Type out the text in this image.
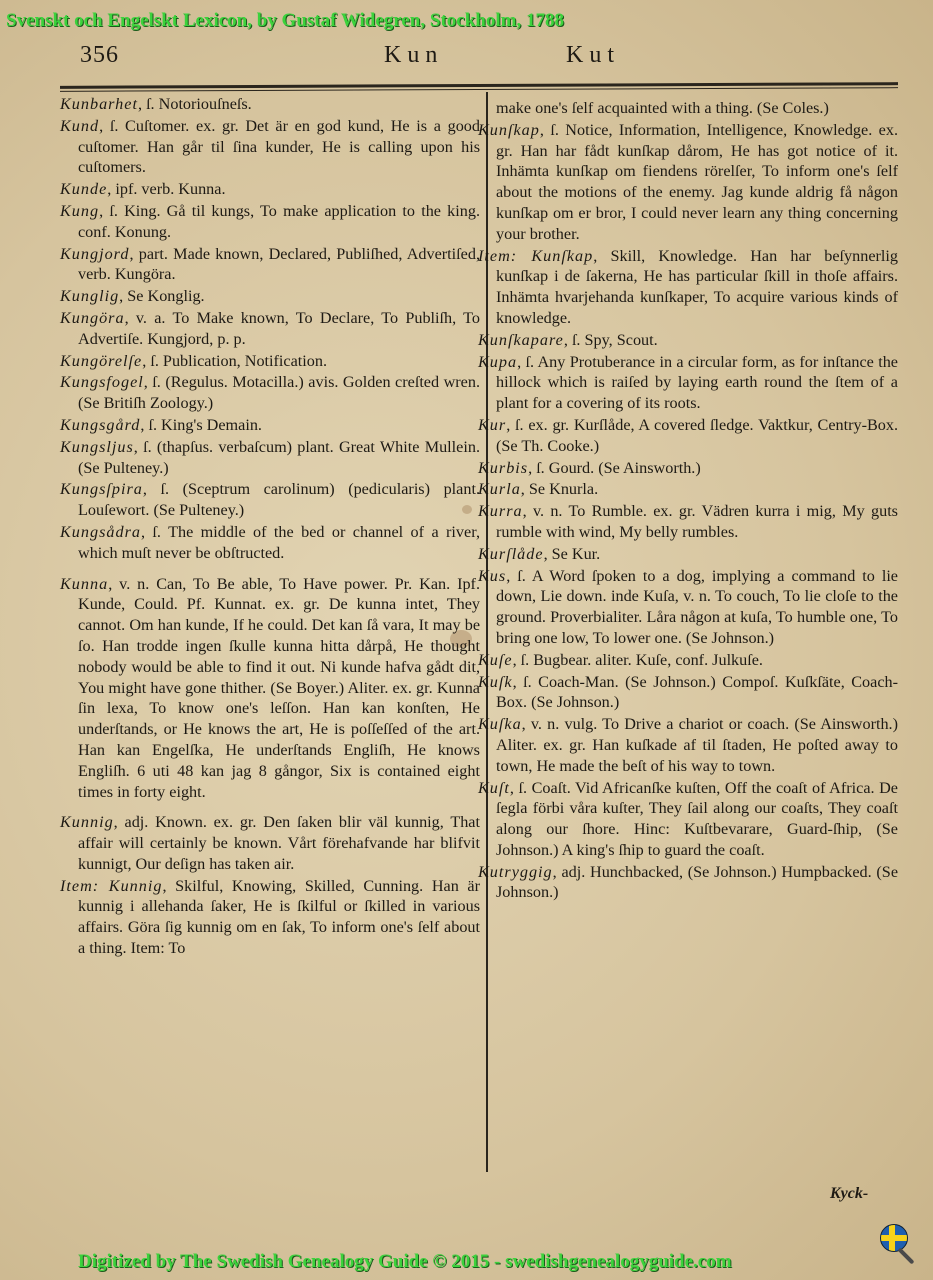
Svenskt och Engelskt Lexicon, by Gustaf Widegren, Stockholm, 1788
356	Kun	Kut

Kunbarhet, ſ. Notoriouſneſs.

Kund, ſ. Cuſtomer. ex. gr. Det är en god kund, He is a good cuſtomer. Han går til ſina kunder, He is calling upon his cuſtomers.

Kunde, ipf. verb. Kunna.

Kung, ſ. King. Gå til kungs, To make application to the king. conf. Konung.

Kungjord, part. Made known, Declared, Publiſhed, Advertiſed, verb. Kungöra.

Kunglig, Se Konglig.

Kungöra, v. a. To Make known, To Declare, To Publiſh, To Advertiſe. Kungjord, p. p.

Kungörelſe, ſ. Publication, Notification.

Kungsfogel, ſ. (Regulus. Motacilla.) avis. Golden creſted wren. (Se Britiſh Zoology.)

Kungsgård, ſ. King's Demain.

Kungsljus, ſ. (thapſus. verbaſcum) plant. Great White Mullein. (Se Pulteney.)

Kungsſpira, ſ. (Sceptrum carolinum) (pedicularis) plant. Louſewort. (Se Pulteney.)

Kungsådra, ſ. The middle of the bed or channel of a river, which muſt never be obſtructed.

Kunna, v. n. Can, To Be able, To Have power. Pr. Kan. Ipf. Kunde, Could. Pf. Kunnat. ex. gr. De kunna intet, They cannot. Om han kunde, If he could. Det kan ſå vara, It may be ſo. Han trodde ingen ſkulle kunna hitta dårpå, He thought nobody would be able to find it out. Ni kunde hafva gådt dit, You might have gone thither. (Se Boyer.) Aliter. ex. gr. Kunna ſin lexa, To know one's leſſon. Han kan konſten, He underſtands, or He knows the art, He is poſſeſſed of the art. Han kan Engelſka, He underſtands Engliſh, He knows Engliſh. 6 uti 48 kan jag 8 gångor, Six is contained eight times in forty eight.

Kunnig, adj. Known. ex. gr. Den ſaken blir väl kunnig, That affair will certainly be known. Vårt förehafvande har blifvit kunnigt, Our deſign has taken air.

Item: Kunnig, Skilful, Knowing, Skilled, Cunning. Han är kunnig i allehanda ſaker, He is ſkilful or ſkilled in various affairs. Göra ſig kunnig om en ſak, To inform one's ſelf about a thing. Item: To

make one's ſelf acquainted with a thing. (Se Coles.)

Kunſkap, ſ. Notice, Information, Intelligence, Knowledge. ex. gr. Han har fådt kunſkap dårom, He has got notice of it. Inhämta kunſkap om fiendens rörelſer, To inform one's ſelf about the motions of the enemy. Jag kunde aldrig få någon kunſkap om er bror, I could never learn any thing concerning your brother.

Item: Kunſkap, Skill, Knowledge. Han har beſynnerlig kunſkap i de ſakerna, He has particular ſkill in thoſe affairs. Inhämta hvarjehanda kunſkaper, To acquire various kinds of knowledge.

Kunſkapare, ſ. Spy, Scout.

Kupa, ſ. Any Protuberance in a circular form, as for inſtance the hillock which is raiſed by laying earth round the ſtem of a plant for a covering of its roots.

Kur, ſ. ex. gr. Kurſlåde, A covered ſledge. Vaktkur, Centry-Box. (Se Th. Cooke.)

Kurbis, ſ. Gourd. (Se Ainsworth.)

Kurla, Se Knurla.

Kurra, v. n. To Rumble. ex. gr. Vädren kurra i mig, My guts rumble with wind, My belly rumbles.

Kurſlåde, Se Kur.

Kus, ſ. A Word ſpoken to a dog, implying a command to lie down, Lie down. inde Kuſa, v. n. To couch, To lie cloſe to the ground. Proverbialiter. Låra någon at kuſa, To humble one, To bring one low, To lower one. (Se Johnson.)

Kuſe, ſ. Bugbear. aliter. Kuſe, conf. Julkuſe.

Kuſk, ſ. Coach-Man. (Se Johnson.) Compoſ. Kuſkſäte, Coach-Box. (Se Johnson.)

Kuſka, v. n. vulg. To Drive a chariot or coach. (Se Ainsworth.) Aliter. ex. gr. Han kuſkade af til ſtaden, He poſted away to town, He made the beſt of his way to town.

Kuſt, ſ. Coaſt. Vid Africanſke kuſten, Off the coaſt of Africa. De ſegla förbi våra kuſter, They ſail along our coaſts, They coaſt along our ſhore. Hinc: Kuſtbevarare, Guard-ſhip, (Se Johnson.) A king's ſhip to guard the coaſt.

Kutryggig, adj. Hunchbacked, (Se Johnson.) Humpbacked. (Se Johnson.)

Kyck-
Digitized by The Swedish Genealogy Guide © 2015 - swedishgenealogyguide.com
